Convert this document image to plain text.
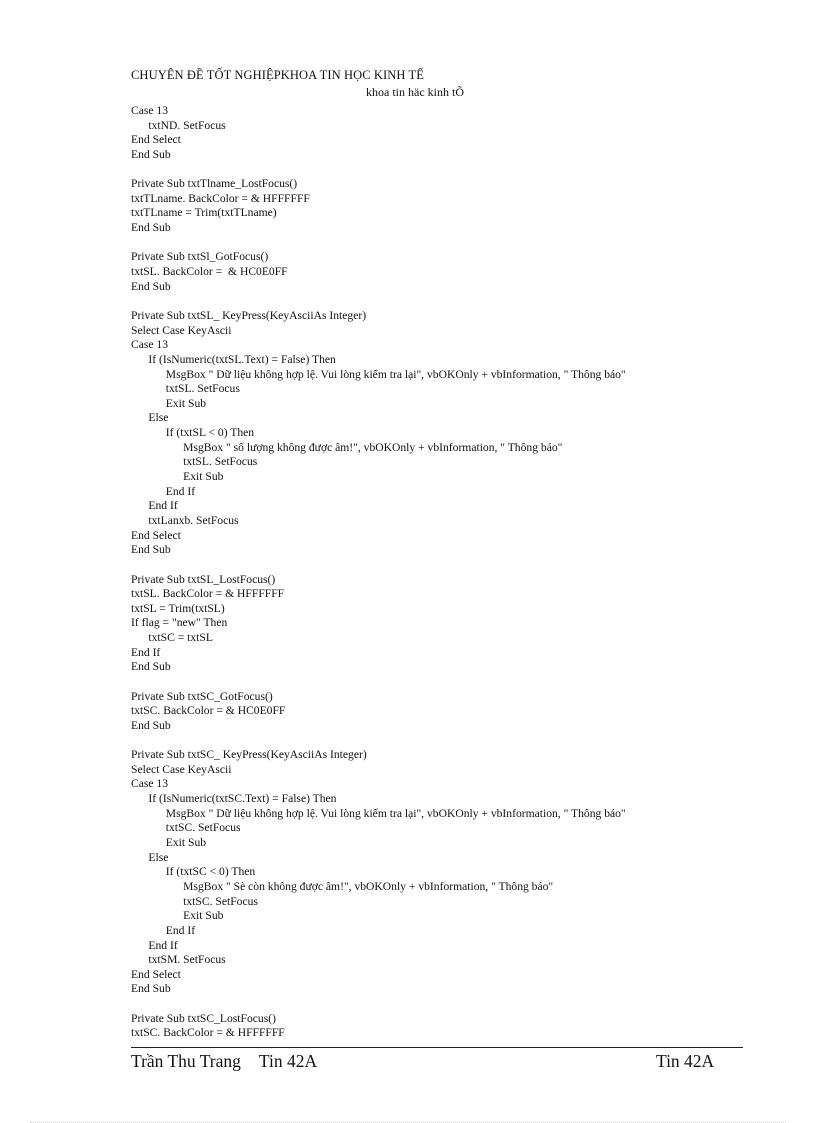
CHUYÊN ĐỀ TỐT NGHIỆPKHOA TIN HỌC KINH TẾ
khoa tin häc kinh tÕ
Case 13
txtND. SetFocus
End Select
End Sub
Private Sub txtTlname_LostFocus()
txtTLname. BackColor = & HFFFFFF
txtTLname = Trim(txtTLname)
End Sub
Private Sub txtSl_GotFocus()
txtSL. BackColor =  & HC0E0FF
End Sub
Private Sub txtSL_ KeyPress(KeyAsciiAs Integer)
Select Case KeyAscii
Case 13
If (IsNumeric(txtSL.Text) = False) Then
MsgBox " Dữ liệu không hợp lệ. Vui lòng kiểm tra lại", vbOKOnly + vbInformation, " Thông báo"
txtSL. SetFocus
Exit Sub
Else
If (txtSL < 0) Then
MsgBox " số lượng không được âm!", vbOKOnly + vbInformation, " Thông báo"
txtSL. SetFocus
Exit Sub
End If
End If
txtLanxb. SetFocus
End Select
End Sub
Private Sub txtSL_LostFocus()
txtSL. BackColor = & HFFFFFF
txtSL = Trim(txtSL)
If flag = "new" Then
txtSC = txtSL
End If
End Sub
Private Sub txtSC_GotFocus()
txtSC. BackColor = & HC0E0FF
End Sub
Private Sub txtSC_ KeyPress(KeyAsciiAs Integer)
Select Case KeyAscii
Case 13
If (IsNumeric(txtSC.Text) = False) Then
MsgBox " Dữ liệu không hợp lệ. Vui lòng kiểm tra lại", vbOKOnly + vbInformation, " Thông báo"
txtSC. SetFocus
Exit Sub
Else
If (txtSC < 0) Then
MsgBox " Sè còn không được âm!", vbOKOnly + vbInformation, " Thông báo"
txtSC. SetFocus
Exit Sub
End If
End If
txtSM. SetFocus
End Select
End Sub
Private Sub txtSC_LostFocus()
txtSC. BackColor = & HFFFFFF
Trần Thu Trang Tin 42A	Tin 42A
